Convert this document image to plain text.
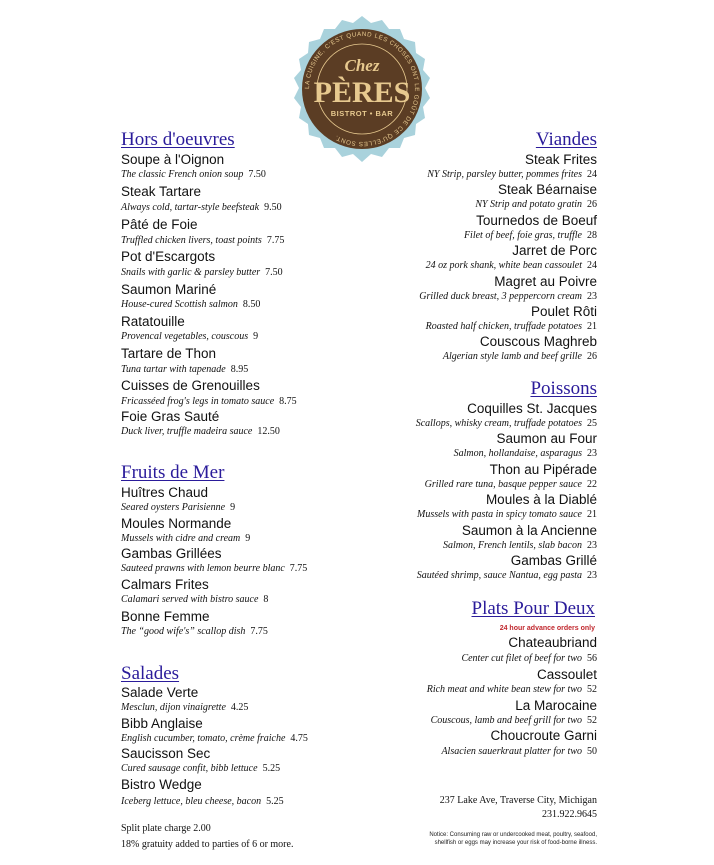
LA CUISINE, C'EST QUAND LES CHOSES ONT LE GOÛT DE CE QU'ELLES SONT.
Chez
PÈRES
BISTROT • BAR
Hors d'oeuvres
Soupe à l'Oignon
The classic French onion soup 7.50
Steak Tartare
Always cold, tartar-style beefsteak 9.50
Pâté de Foie
Truffled chicken livers, toast points 7.75
Pot d'Escargots
Snails with garlic & parsley butter 7.50
Saumon Mariné
House-cured Scottish salmon 8.50
Ratatouille
Provencal vegetables, couscous 9
Tartare de Thon
Tuna tartar with tapenade 8.95
Cuisses de Grenouilles
Fricasséed frog's legs in tomato sauce 8.75
Foie Gras Sauté
Duck liver, truffle madeira sauce 12.50
Fruits de Mer
Huîtres Chaud
Seared oysters Parisienne 9
Moules Normande
Mussels with cidre and cream 9
Gambas Grillées
Sauteed prawns with lemon beurre blanc 7.75
Calmars Frites
Calamari served with bistro sauce 8
Bonne Femme
The “good wife's” scallop dish 7.75
Salades
Salade Verte
Mesclun, dijon vinaigrette 4.25
Bibb Anglaise
English cucumber, tomato, crème fraiche 4.75
Saucisson Sec
Cured sausage confit, bibb lettuce 5.25
Bistro Wedge
Iceberg lettuce, bleu cheese, bacon 5.25
Split plate charge 2.00
18% gratuity added to parties of 6 or more.
Viandes
Steak Frites
NY Strip, parsley butter, pommes frites 24
Steak Béarnaise
NY Strip and potato gratin 26
Tournedos de Boeuf
Filet of beef, foie gras, truffle 28
Jarret de Porc
24 oz pork shank, white bean cassoulet 24
Magret au Poivre
Grilled duck breast, 3 peppercorn cream 23
Poulet Rôti
Roasted half chicken, truffade potatoes 21
Couscous Maghreb
Algerian style lamb and beef grille 26
Poissons
Coquilles St. Jacques
Scallops, whisky cream, truffade potatoes 25
Saumon au Four
Salmon, hollandaise, asparagus 23
Thon au Pipérade
Grilled rare tuna, basque pepper sauce 22
Moules à la Diablé
Mussels with pasta in spicy tomato sauce 21
Saumon à la Ancienne
Salmon, French lentils, slab bacon 23
Gambas Grillé
Sautéed shrimp, sauce Nantua, egg pasta 23
Plats Pour Deux
24 hour advance orders only
Chateaubriand
Center cut filet of beef for two 56
Cassoulet
Rich meat and white bean stew for two 52
La Marocaine
Couscous, lamb and beef grill for two 52
Choucroute Garni
Alsacien sauerkraut platter for two 50
237 Lake Ave, Traverse City, Michigan
231.922.9645
Notice: Consuming raw or undercooked meat, poultry, seafood,
shellfish or eggs may increase your risk of food-borne illness.
